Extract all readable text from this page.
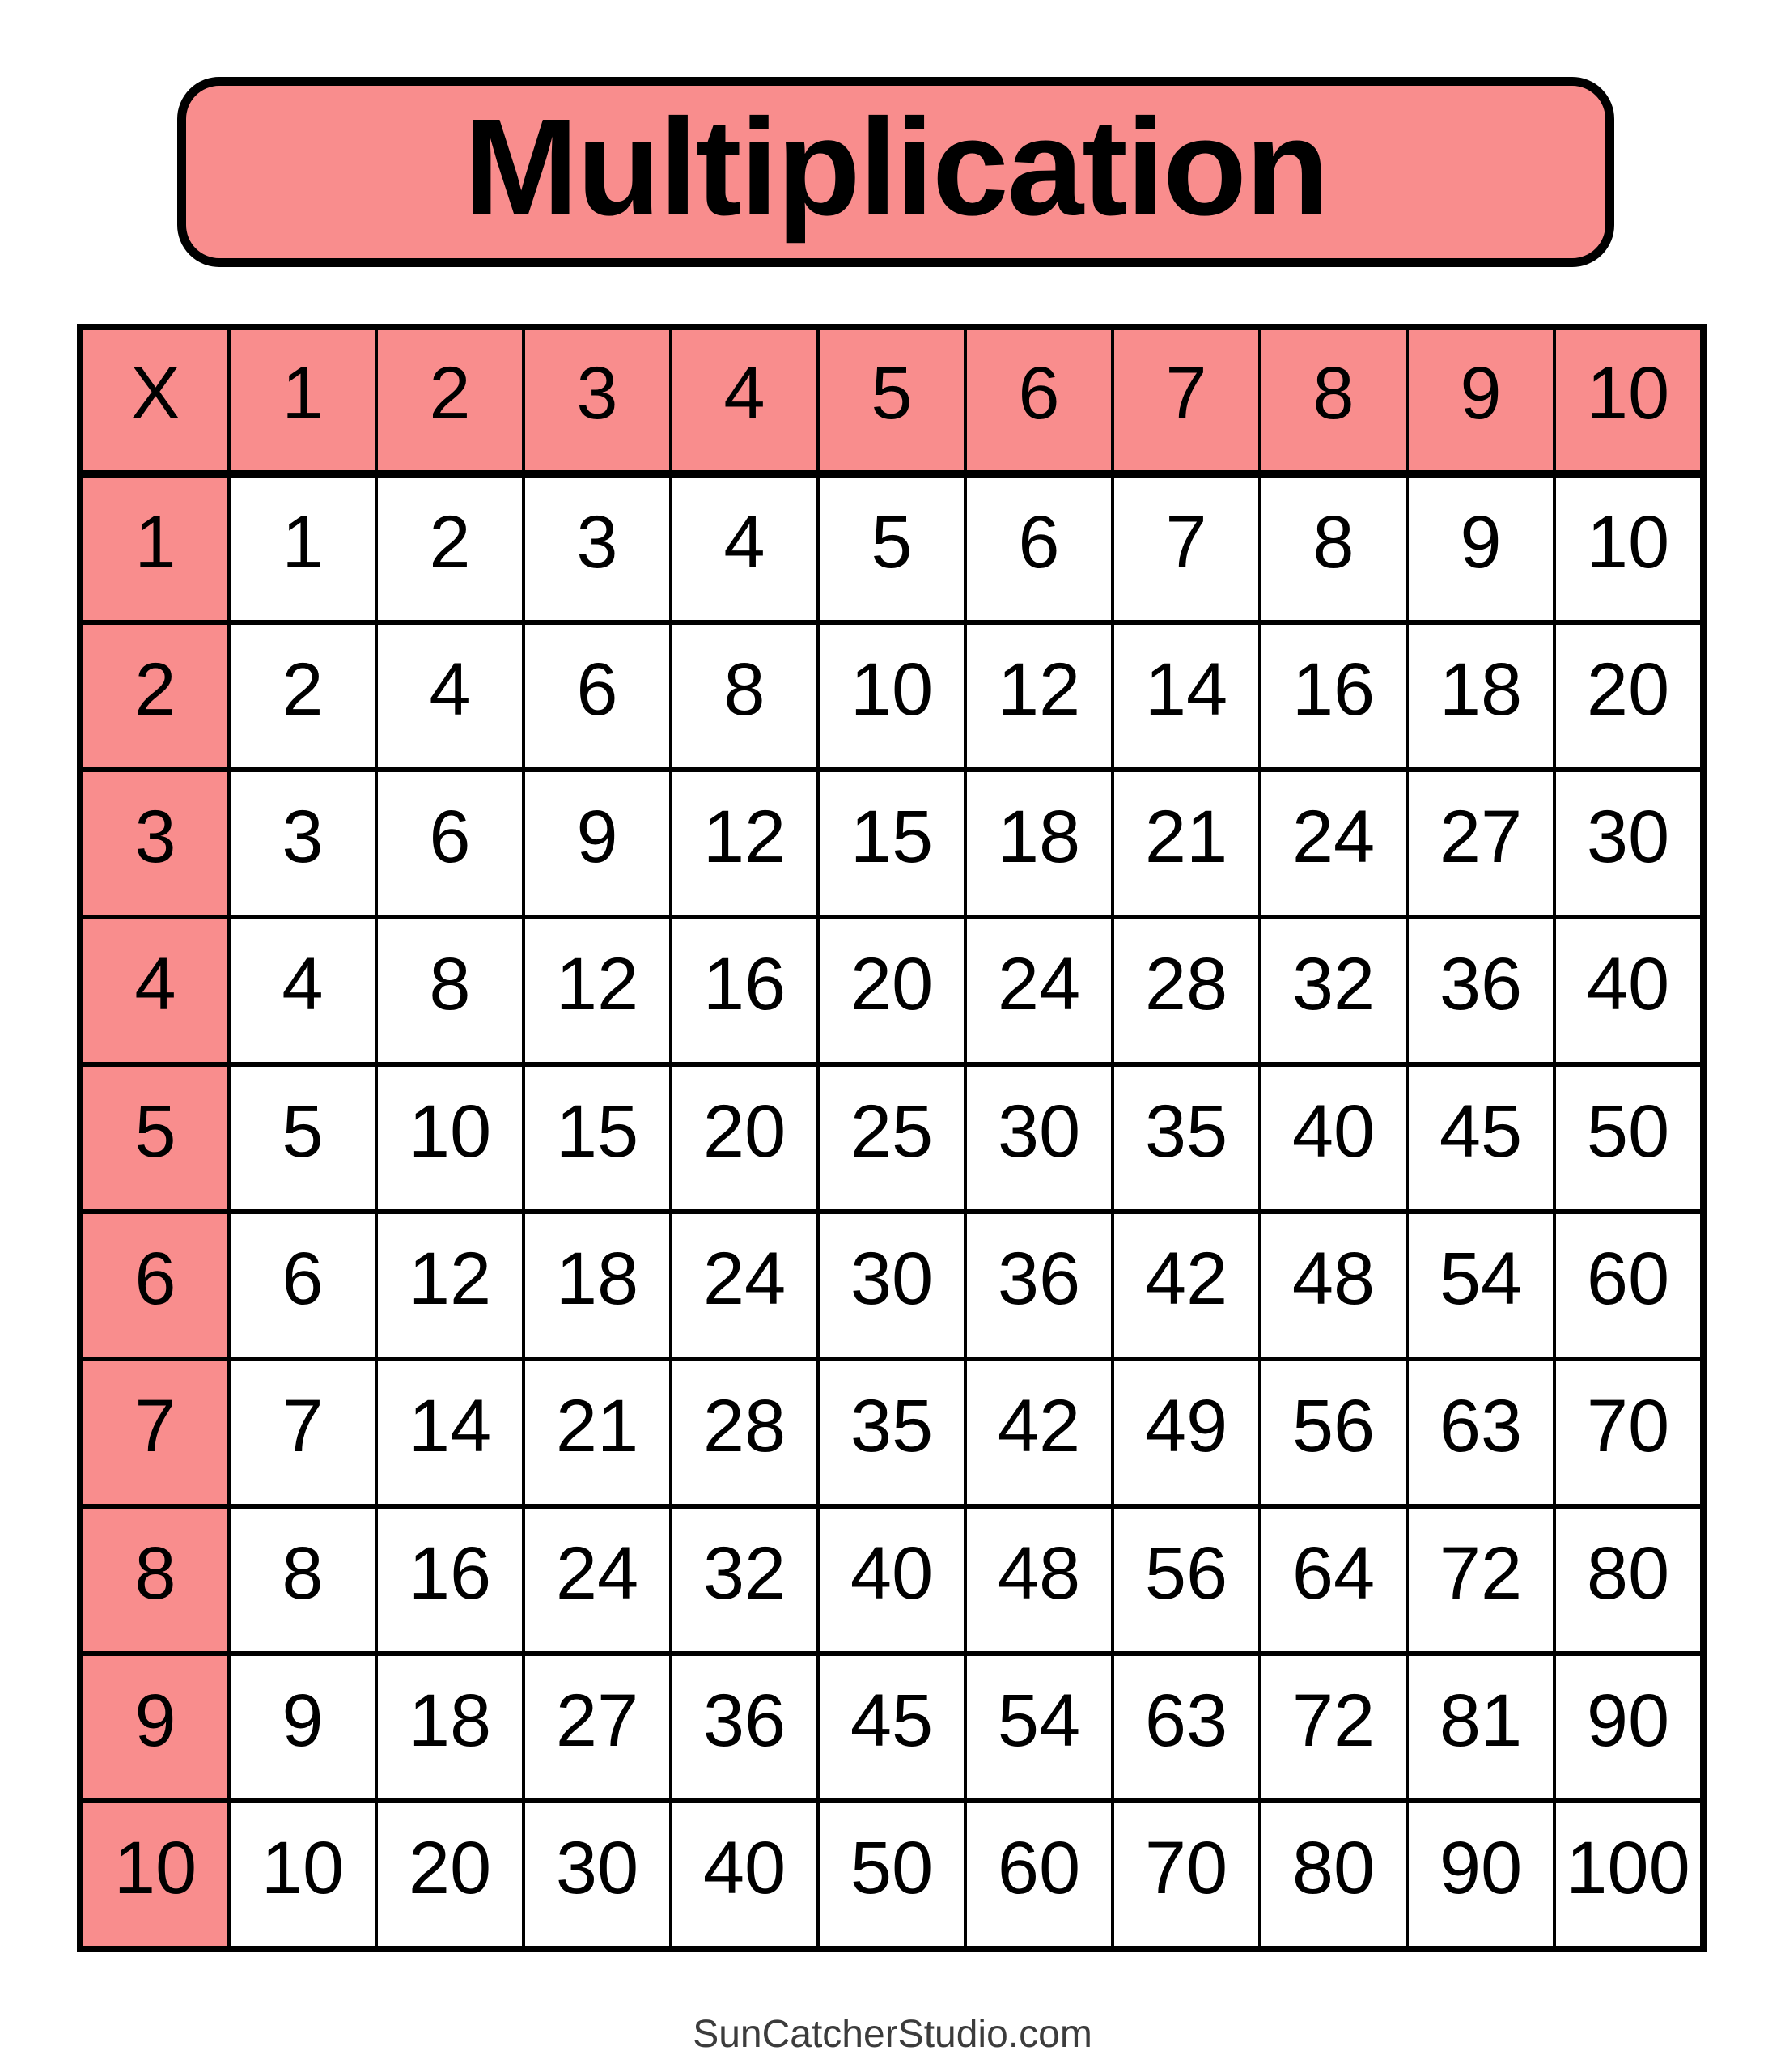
Multiplication
X 1 2 3 4 5 6 7 8 9 10
1 1 2 3 4 5 6 7 8 9 10
2 2 4 6 8 10 12 14 16 18 20
3 3 6 9 12 15 18 21 24 27 30
4 4 8 12 16 20 24 28 32 36 40
5 5 10 15 20 25 30 35 40 45 50
6 6 12 18 24 30 36 42 48 54 60
7 7 14 21 28 35 42 49 56 63 70
8 8 16 24 32 40 48 56 64 72 80
9 9 18 27 36 45 54 63 72 81 90
10 10 20 30 40 50 60 70 80 90 100
SunCatcherStudio.com
